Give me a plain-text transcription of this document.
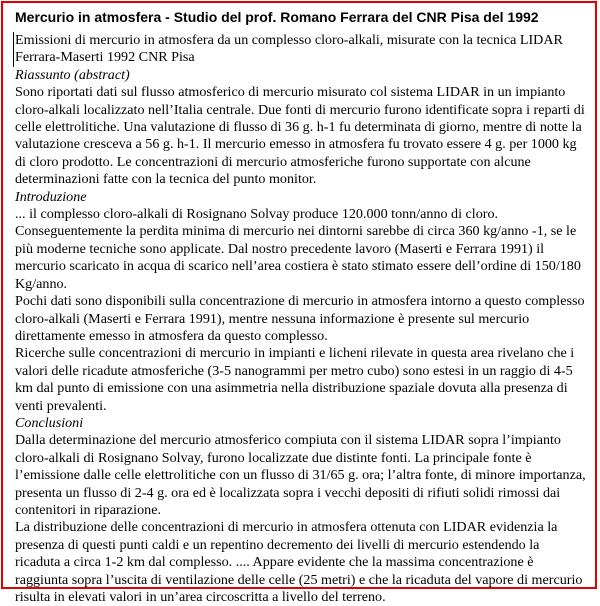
Mercurio in atmosfera - Studio del prof. Romano Ferrara del CNR Pisa del 1992

Emissioni di mercurio in atmosfera da un complesso cloro-alkali, misurate con la tecnica LIDAR Ferrara-Maserti 1992 CNR Pisa

Riassunto (abstract)

Sono riportati dati sul flusso atmosferico di mercurio misurato col sistema LIDAR in un impianto cloro-alkali localizzato nell’Italia centrale. Due fonti di mercurio furono identificate sopra i reparti di celle elettrolitiche. Una valutazione di flusso di 36 g. h-1 fu determinata di giorno, mentre di notte la valutazione cresceva a 56 g. h-1. Il mercurio emesso in atmosfera fu trovato essere 4 g. per 1000 kg di cloro prodotto. Le concentrazioni di mercurio atmosferiche furono supportate con alcune determinazioni fatte con la tecnica del punto monitor.

Introduzione

... il complesso cloro-alkali di Rosignano Solvay produce 120.000 tonn/anno di cloro. Conseguentemente la perdita minima di mercurio nei dintorni sarebbe di circa 360 kg/anno -1, se le più moderne tecniche sono applicate. Dal nostro precedente lavoro (Maserti e Ferrara 1991) il mercurio scaricato in acqua di scarico nell’area costiera è stato stimato essere dell’ordine di 150/180 Kg/anno.

Pochi dati sono disponibili sulla concentrazione di mercurio in atmosfera intorno a questo complesso cloro-alkali (Maserti e Ferrara 1991), mentre nessuna informazione è presente sul mercurio direttamente emesso in atmosfera da questo complesso.

Ricerche sulle concentrazioni di mercurio in impianti e licheni rilevate in questa area rivelano che i valori delle ricadute atmosferiche (3-5 nanogrammi per metro cubo) sono estesi in un raggio di 4-5 km dal punto di emissione con una asimmetria nella distribuzione spaziale dovuta alla presenza di venti prevalenti.

Conclusioni

Dalla determinazione del mercurio atmosferico compiuta con il sistema LIDAR sopra l’impianto cloro-alkali di Rosignano Solvay, furono localizzate due distinte fonti. La principale fonte è l’emissione dalle celle elettrolitiche con un flusso di 31/65 g. ora; l’altra fonte, di minore importanza, presenta un flusso di 2-4 g. ora ed è localizzata sopra i vecchi depositi di rifiuti solidi rimossi dai contenitori in riparazione.

La distribuzione delle concentrazioni di mercurio in atmosfera ottenuta con LIDAR evidenzia la presenza di questi punti caldi e un repentino decremento dei livelli di mercurio estendendo la ricaduta a circa 1-2 km dal complesso. .... Appare evidente che la massima concentrazione è raggiunta sopra l’uscita di ventilazione delle celle (25 metri) e che la ricaduta del vapore di mercurio risulta in elevati valori in un’area circoscritta a livello del terreno.
